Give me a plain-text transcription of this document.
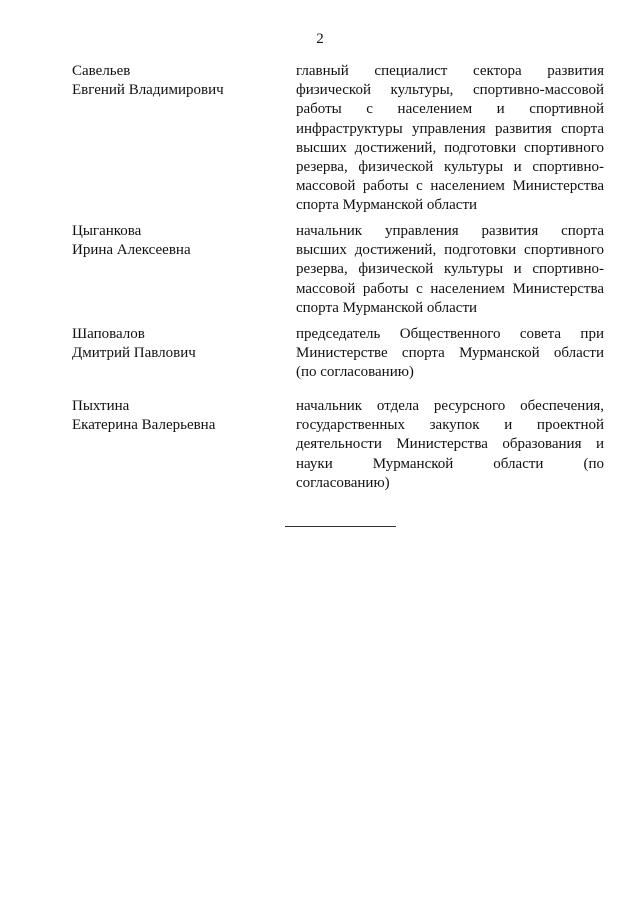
2
Савельев
Евгений Владимирович
главный специалист сектора развития
физической культуры, спортивно-массовой
работы с населением и спортивной
инфраструктуры управления развития спорта
высших достижений, подготовки спортивного
резерва, физической культуры и спортивно-
массовой работы с населением Министерства
спорта Мурманской области
Цыганкова
Ирина Алексеевна
начальник управления развития спорта
высших достижений, подготовки спортивного
резерва, физической культуры и спортивно-
массовой работы с населением Министерства
спорта Мурманской области
Шаповалов
Дмитрий Павлович
председатель Общественного совета при
Министерстве спорта Мурманской области
(по согласованию)
Пыхтина
Екатерина Валерьевна
начальник отдела ресурсного обеспечения,
государственных закупок и проектной
деятельности Министерства образования и
науки Мурманской области (по
согласованию)
